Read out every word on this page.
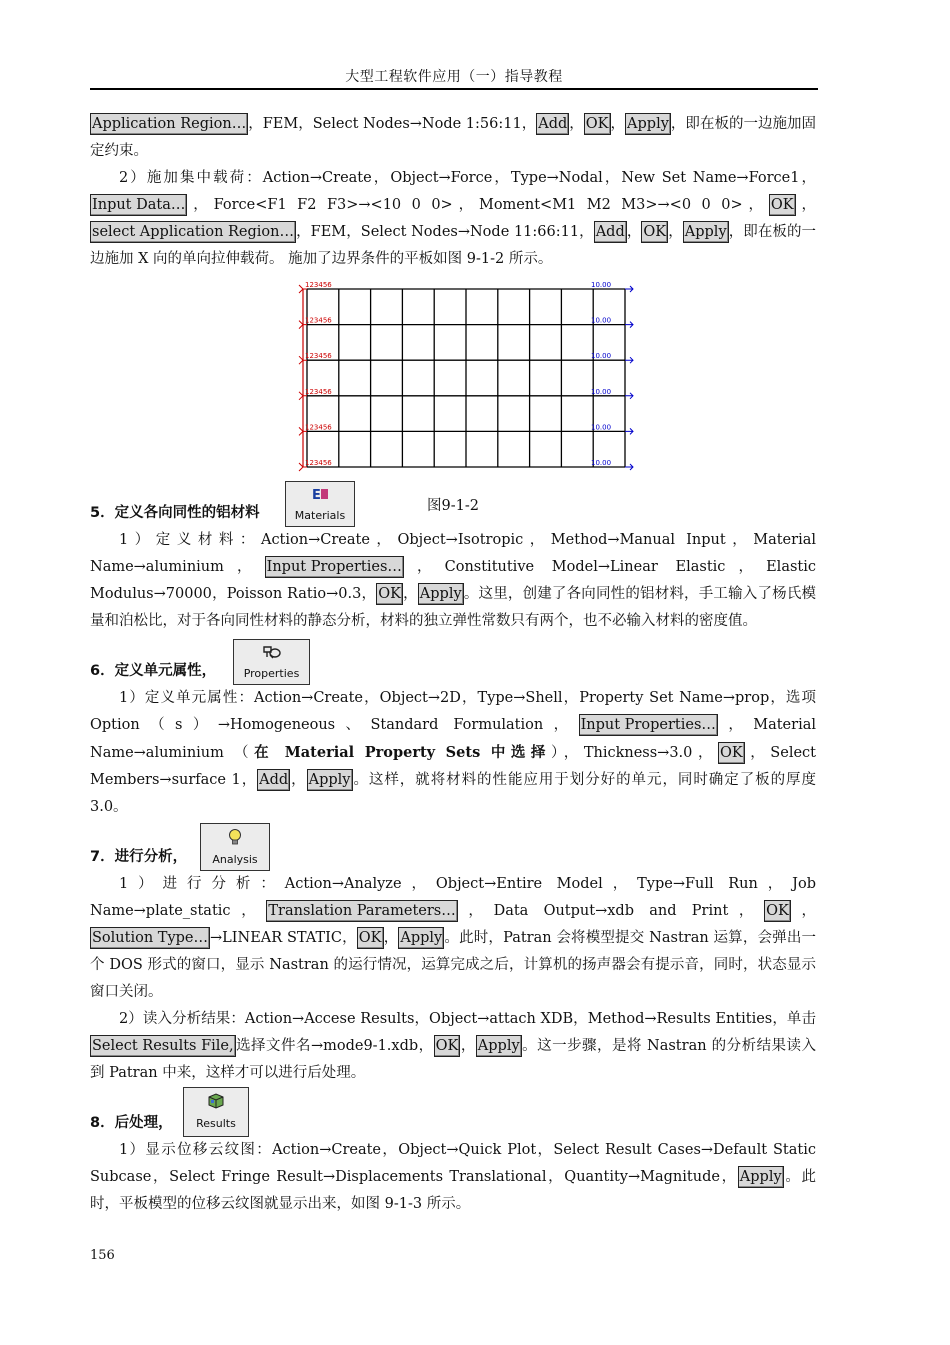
大型工程软件应用（一）指导教程

Application Region… ，FEM，Select Nodes→Node 1:56:11， Add ， OK ， Apply ，即在板的一边施加固定约束。

2）施加集中载荷：Action→Create，Object→Force，Type→Nodal，New Set Name→Force1，Input Data… ，Force<F1 F2 F3>→<10 0 0>，Moment<M1 M2 M3>→<0 0 0>， OK ，select Application Region… ，FEM，Select Nodes→Node 11:66:11， Add ， OK ， Apply ，即在板的一边施加 X 向的单向拉伸载荷。 施加了边界条件的平板如图 9-1-2 所示。

123456
123456
123456
123456
123456
123456
10.00
10.00
10.00
10.00
10.00
10.00
图9-1-2
5．定义各向同性的铝材料
E
Materials

1）定义材料：Action→Create，Object→Isotropic，Method→Manual Input，Material Name→aluminium， Input Properties… ，Constitutive Model→Linear Elastic，Elastic Modulus→70000，Poisson Ratio→0.3， OK ， Apply 。这里，创建了各向同性的铝材料，手工输入了杨氏模量和泊松比，对于各向同性材料的静态分析，材料的独立弹性常数只有两个，也不必输入材料的密度值。

6．定义单元属性，	Properties

1）定义单元属性：Action→Create，Object→2D，Type→Shell，Property Set Name→prop，选项 Option（s）→Homogeneous、Standard Formulation， Input Properties… ，Material Name→aluminium （在 Material Property Sets 中选择），Thickness→3.0， OK ，Select Members→surface 1， Add ， Apply 。这样，就将材料的性能应用于划分好的单元，同时确定了板的厚度 3.0。

7．进行分析，	Analysis

1）进行分析：Action→Analyze，Object→Entire Model，Type→Full Run，Job Name→plate_static， Translation Parameters… ，Data Output→xdb and Print， OK ，Solution Type… →LINEAR STATIC， OK ， Apply 。此时，Patran 会将模型提交 Nastran 运算，会弹出一个 DOS 形式的窗口，显示 Nastran 的运行情况，运算完成之后，计算机的扬声器会有提示音，同时，状态显示窗口关闭。

2）读入分析结果：Action→Accese Results，Object→attach XDB，Method→Results Entities，单击Select Results File, 选择文件名→mode9-1.xdb， OK ， Apply 。这一步骤，是将 Nastran 的分析结果读入到 Patran 中来，这样才可以进行后处理。

8．后处理，	Results

1）显示位移云纹图：Action→Create，Object→Quick Plot，Select Result Cases→Default Static Subcase，Select Fringe Result→Displacements Translational，Quantity→Magnitude， Apply 。此时，平板模型的位移云纹图就显示出来，如图 9-1-3 所示。

156
